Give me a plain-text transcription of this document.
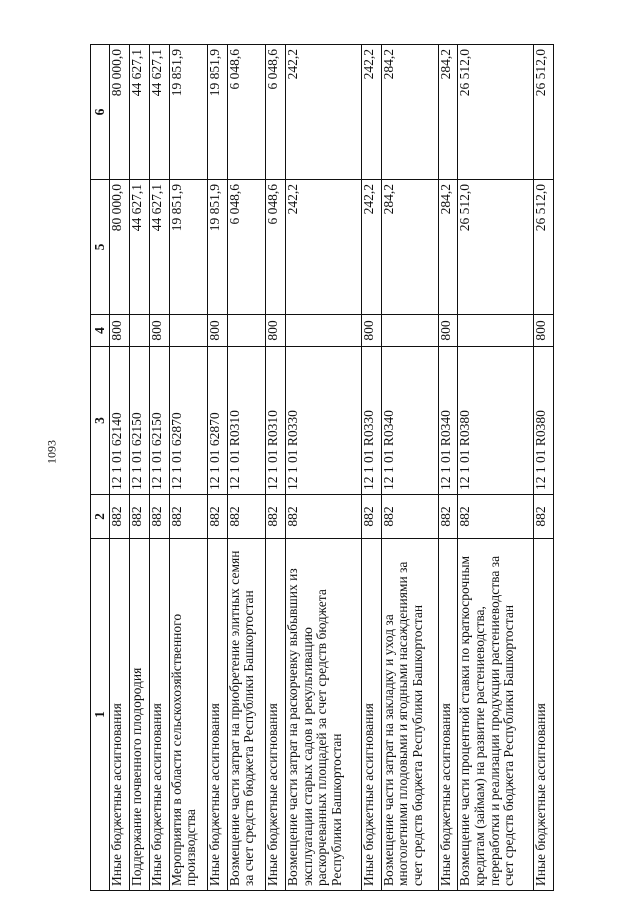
1093
1	2	3	4	5	6
Иные бюджетные ассигнования	882	12 1 01 62140	800	80 000,0	80 000,0
Поддержание почвенного плодородия	882	12 1 01 62150		44 627,1	44 627,1
Иные бюджетные ассигнования	882	12 1 01 62150	800	44 627,1	44 627,1
Мероприятия в области сельскохозяйственного производства	882	12 1 01 62870		19 851,9	19 851,9
Иные бюджетные ассигнования	882	12 1 01 62870	800	19 851,9	19 851,9
Возмещение части затрат на приобретение элитных семян за счет средств бюджета Республики Башкортостан	882	12 1 01 R0310		6 048,6	6 048,6
Иные бюджетные ассигнования	882	12 1 01 R0310	800	6 048,6	6 048,6
Возмещение части затрат на раскорчевку выбывших из эксплуатации старых садов и рекультивацию раскорчеванных площадей за счет средств бюджета Республики Башкортостан	882	12 1 01 R0330		242,2	242,2
Иные бюджетные ассигнования	882	12 1 01 R0330	800	242,2	242,2
Возмещение части затрат на закладку и уход за многолетними плодовыми и ягодными насаждениями за счет средств бюджета Республики Башкортостан	882	12 1 01 R0340		284,2	284,2
Иные бюджетные ассигнования	882	12 1 01 R0340	800	284,2	284,2
Возмещение части процентной ставки по краткосрочным кредитам (займам) на развитие растениеводства, переработки и реализации продукции растениеводства за счет средств бюджета Республики Башкортостан	882	12 1 01 R0380		26 512,0	26 512,0
Иные бюджетные ассигнования	882	12 1 01 R0380	800	26 512,0	26 512,0
